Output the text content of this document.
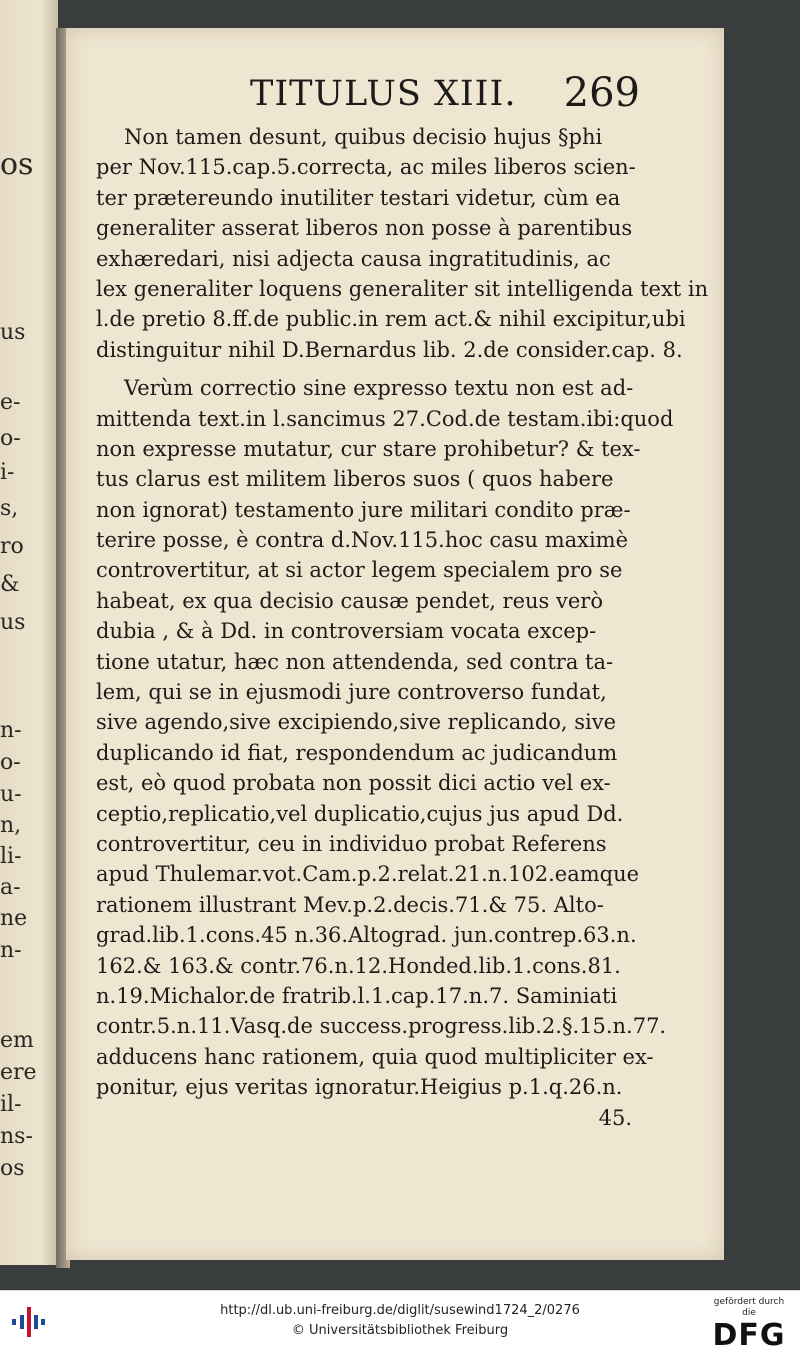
os
us
e-
o-
i-
s,
ro
&
us
n-
o-
u-
n,
li-
a-
ne
n-
em
ere
il-
ns-
os
TITULUS XIII. 269
Non tamen desunt, quibus decisio hujus §phi
per Nov.115.cap.5.correcta, ac miles liberos scien-
ter prætereundo inutiliter testari videtur, cùm ea
generaliter asserat liberos non posse à parentibus
exhæredari, nisi adjecta causa ingratitudinis, ac
lex generaliter loquens generaliter sit intelligenda text in
l.de pretio 8.ff.de public.in rem act.& nihil excipitur,ubi
distinguitur nihil D.Bernardus lib. 2.de consider.cap. 8.
Verùm correctio sine expresso textu non est ad-
mittenda text.in l.sancimus 27.Cod.de testam.ibi:quod
non expresse mutatur, cur stare prohibetur? & tex-
tus clarus est militem liberos suos ( quos habere
non ignorat) testamento jure militari condito præ-
terire posse, è contra d.Nov.115.hoc casu maximè
controvertitur, at si actor legem specialem pro se
habeat, ex qua decisio causæ pendet, reus verò
dubia , & à Dd. in controversiam vocata excep-
tione utatur, hæc non attendenda, sed contra ta-
lem, qui se in ejusmodi jure controverso fundat,
sive agendo,sive excipiendo,sive replicando, sive
duplicando id fiat, respondendum ac judicandum
est, eò quod probata non possit dici actio vel ex-
ceptio,replicatio,vel duplicatio,cujus jus apud Dd.
controvertitur, ceu in individuo probat Referens
apud Thulemar.vot.Cam.p.2.relat.21.n.102.eamque
rationem illustrant Mev.p.2.decis.71.& 75. Alto-
grad.lib.1.cons.45 n.36.Altograd. jun.contrер.63.n.
162.& 163.& contr.76.n.12.Honded.lib.1.cons.81.
n.19.Michalor.de fratrib.l.1.cap.17.n.7. Saminiati
contr.5.n.11.Vasq.de success.progress.lib.2.§.15.n.77.
adducens hanc rationem, quia quod multipliciter ex-
ponitur, ejus veritas ignoratur.Heigius p.1.q.26.n.
45.
http://dl.ub.uni-freiburg.de/diglit/susewind1724_2/0276
© Universitätsbibliothek Freiburg
gefördert durch die
DFG
